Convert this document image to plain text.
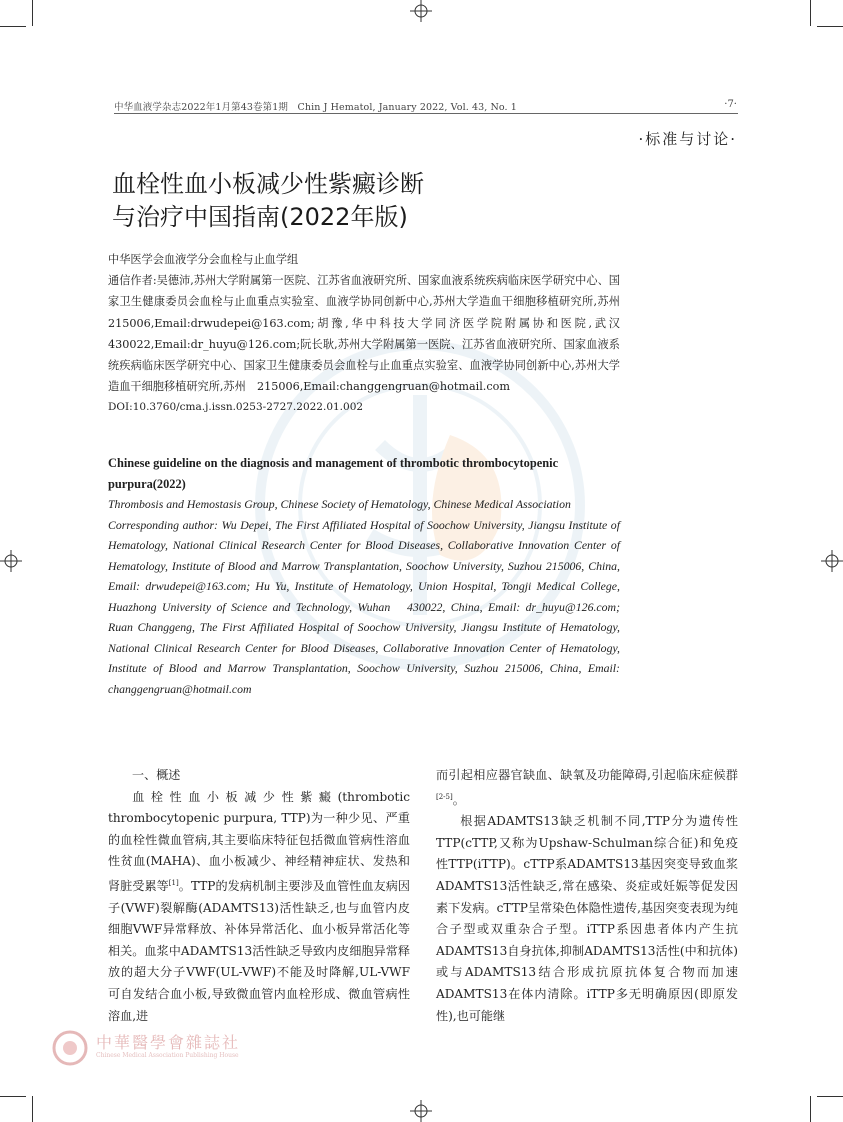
中华血液学杂志2022年1月第43卷第1期　Chin J Hematol, January 2022, Vol. 43, No. 1	·7·
·标准与讨论·
血栓性血小板减少性紫癜诊断
与治疗中国指南(2022年版)
中华医学会血液学分会血栓与止血学组
通信作者:吴德沛,苏州大学附属第一医院、江苏省血液研究所、国家血液系统疾病临床医学研究中心、国家卫生健康委员会血栓与止血重点实验室、血液学协同创新中心,苏州大学造血干细胞移植研究所,苏州　215006,Email:drwudepei@163.com;胡豫,华中科技大学同济医学院附属协和医院,武汉　430022,Email:dr_huyu@126.com;阮长耿,苏州大学附属第一医院、江苏省血液研究所、国家血液系统疾病临床医学研究中心、国家卫生健康委员会血栓与止血重点实验室、血液学协同创新中心,苏州大学造血干细胞移植研究所,苏州　215006,Email:changgengruan@hotmail.com
DOI:10.3760/cma.j.issn.0253-2727.2022.01.002
Chinese guideline on the diagnosis and management of thrombotic thrombocytopenic purpura(2022)
Thrombosis and Hemostasis Group, Chinese Society of Hematology, Chinese Medical Association
Corresponding author: Wu Depei, The First Affiliated Hospital of Soochow University, Jiangsu Institute of Hematology, National Clinical Research Center for Blood Diseases, Collaborative Innovation Center of Hematology, Institute of Blood and Marrow Transplantation, Soochow University, Suzhou 215006, China, Email: drwudepei@163.com; Hu Yu, Institute of Hematology, Union Hospital, Tongji Medical College, Huazhong University of Science and Technology, Wuhan　430022, China, Email: dr_huyu@126.com; Ruan Changgeng, The First Affiliated Hospital of Soochow University, Jiangsu Institute of Hematology, National Clinical Research Center for Blood Diseases, Collaborative Innovation Center of Hematology, Institute of Blood and Marrow Transplantation, Soochow University, Suzhou 215006, China, Email: changgengruan@hotmail.com
一、概述
血栓性血小板减少性紫癜(thrombotic thrombocytopenic purpura, TTP)为一种少见、严重的血栓性微血管病,其主要临床特征包括微血管病性溶血性贫血(MAHA)、血小板减少、神经精神症状、发热和肾脏受累等[1]。TTP的发病机制主要涉及血管性血友病因子(VWF)裂解酶(ADAMTS13)活性缺乏,也与血管内皮细胞VWF异常释放、补体异常活化、血小板异常活化等相关。血浆中ADAMTS13活性缺乏导致内皮细胞异常释放的超大分子VWF(UL-VWF)不能及时降解,UL-VWF可自发结合血小板,导致微血管内血栓形成、微血管病性溶血,进
而引起相应器官缺血、缺氧及功能障碍,引起临床症候群[2-5]。
根据ADAMTS13缺乏机制不同,TTP分为遗传性TTP(cTTP,又称为Upshaw-Schulman综合征)和免疫性TTP(iTTP)。cTTP系ADAMTS13基因突变导致血浆ADAMTS13活性缺乏,常在感染、炎症或妊娠等促发因素下发病。cTTP呈常染色体隐性遗传,基因突变表现为纯合子型或双重杂合子型。iTTP系因患者体内产生抗ADAMTS13自身抗体,抑制ADAMTS13活性(中和抗体)或与ADAMTS13结合形成抗原抗体复合物而加速ADAMTS13在体内清除。iTTP多无明确原因(即原发性),也可能继
中華醫學會雜誌社
Chinese Medical Association Publishing House
